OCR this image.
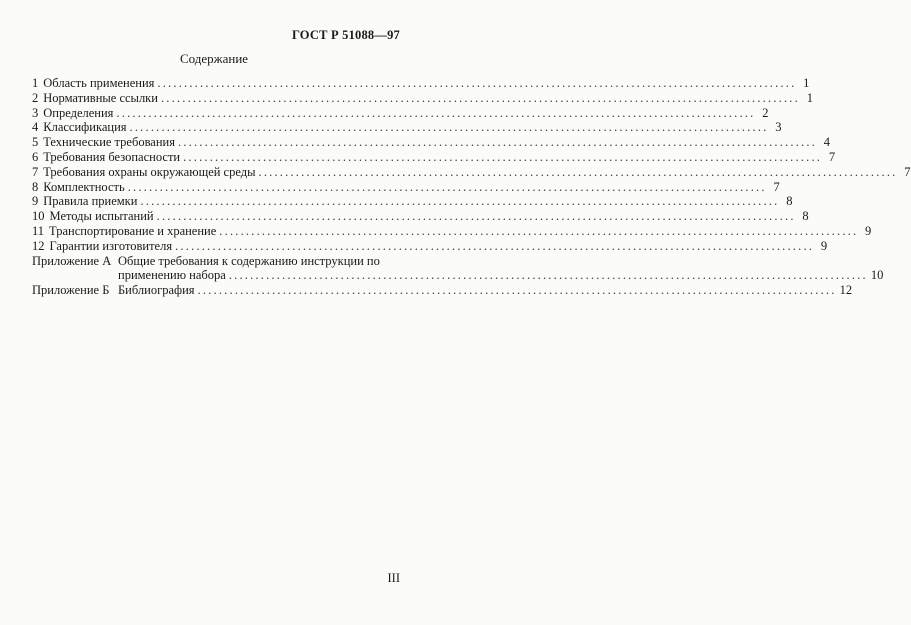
ГОСТ Р 51088—97
Содержание
1 Область применения ........................................................................................................................ 1
2 Нормативные ссылки ........................................................................................................................ 1
3 Определения ........................................................................................................................ 2
4 Классификация ........................................................................................................................ 3
5 Технические требования ........................................................................................................................ 4
6 Требования безопасности ........................................................................................................................ 7
7 Требования охраны окружающей среды ........................................................................................................................ 7
8 Комплектность ........................................................................................................................ 7
9 Правила приемки ........................................................................................................................ 8
10 Методы испытаний ........................................................................................................................ 8
11 Транспортирование и хранение ........................................................................................................................ 9
12 Гарантии изготовителя ........................................................................................................................ 9
Приложение А Общие требования к содержанию инструкции по
применению набора ........................................................................................................................ 10
Приложение Б Библиография ........................................................................................................................ 12
III
